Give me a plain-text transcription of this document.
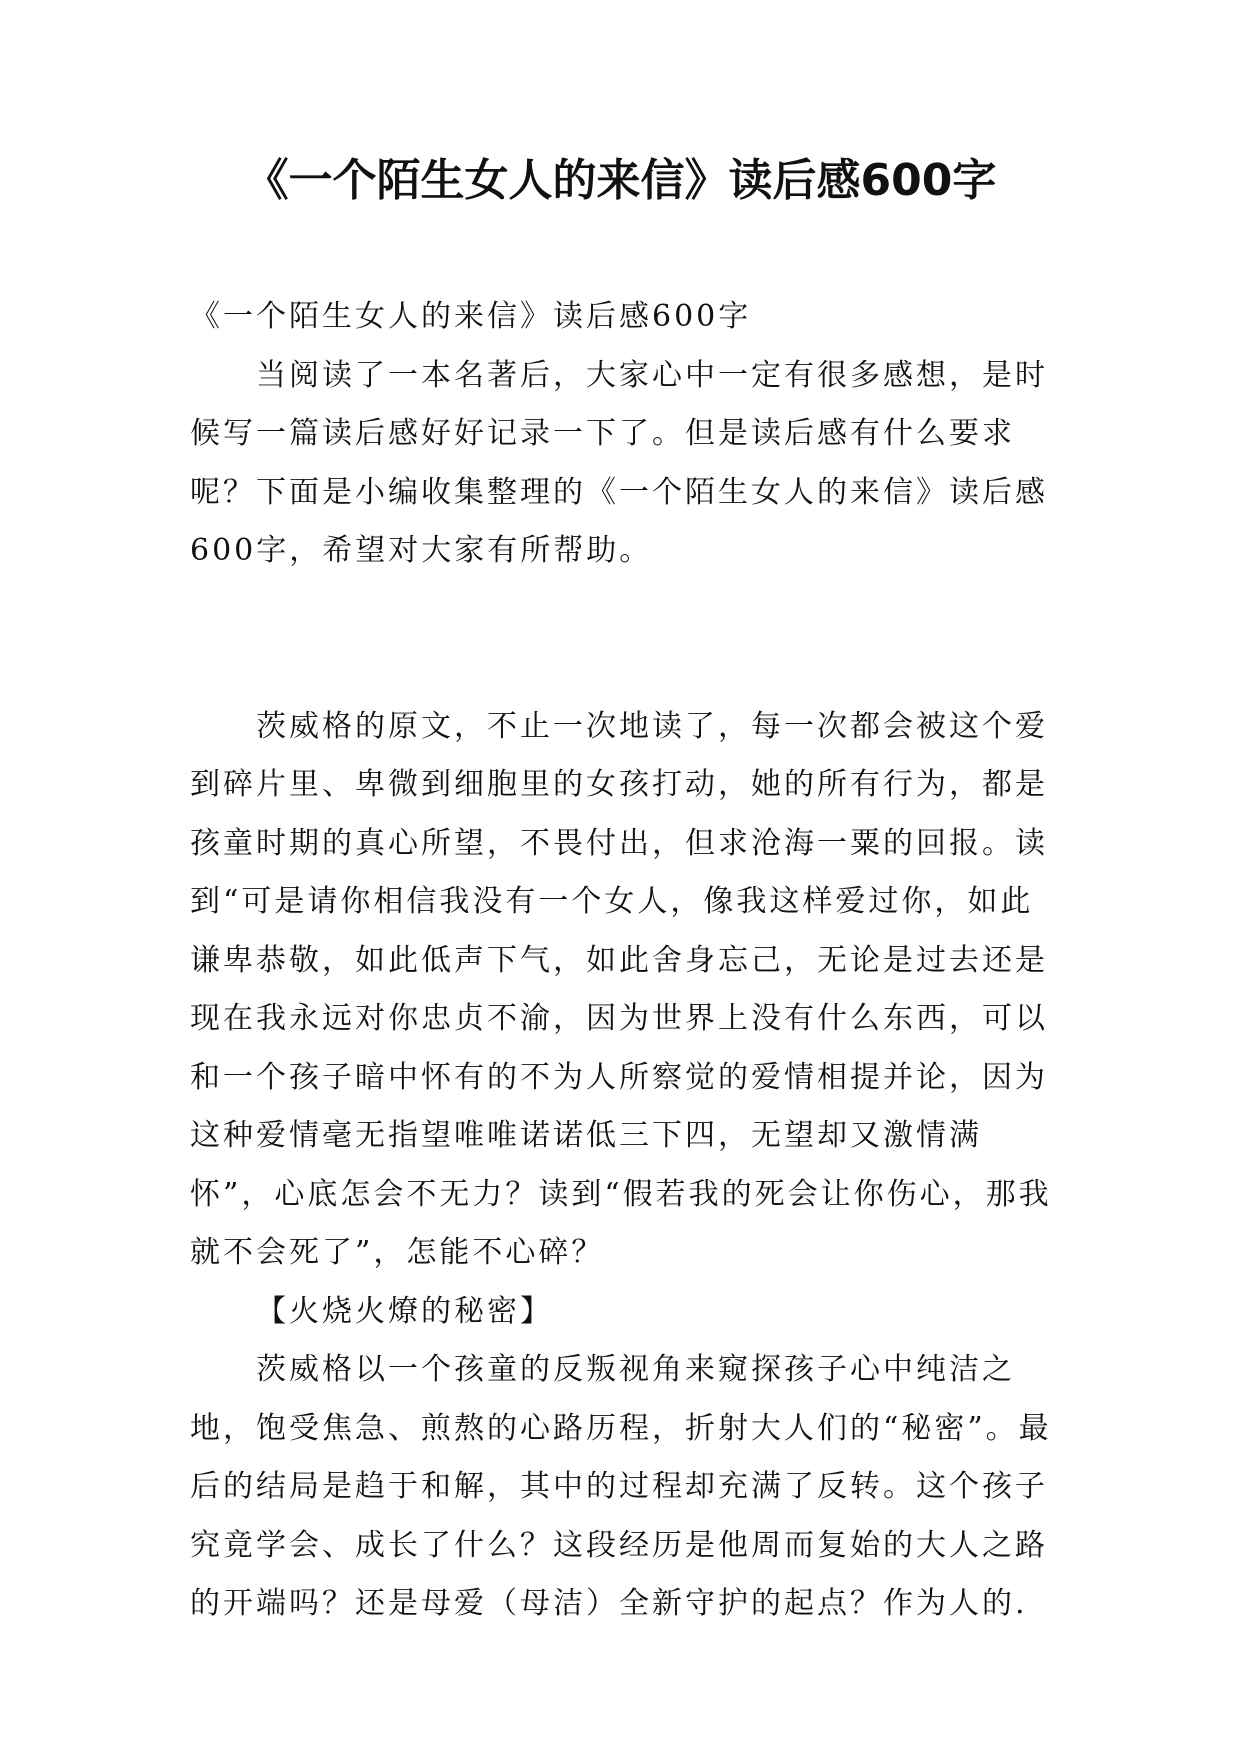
《一个陌生女人的来信》读后感600字

《一个陌生女人的来信》读后感600字

当阅读了一本名著后，大家心中一定有很多感想，是时候写一篇读后感好好记录一下了。但是读后感有什么要求呢？下面是小编收集整理的《一个陌生女人的来信》读后感600字，希望对大家有所帮助。

茨威格的原文，不止一次地读了，每一次都会被这个爱到碎片里、卑微到细胞里的女孩打动，她的所有行为，都是孩童时期的真心所望，不畏付出，但求沧海一粟的回报。读到“可是请你相信我没有一个女人，像我这样爱过你，如此谦卑恭敬，如此低声下气，如此舍身忘己，无论是过去还是现在我永远对你忠贞不渝，因为世界上没有什么东西，可以和一个孩子暗中怀有的不为人所察觉的爱情相提并论，因为这种爱情毫无指望唯唯诺诺低三下四，无望却又激情满怀”，心底怎会不无力？读到“假若我的死会让你伤心，那我就不会死了”，怎能不心碎？

【火烧火燎的秘密】

茨威格以一个孩童的反叛视角来窥探孩子心中纯洁之地，饱受焦急、煎熬的心路历程，折射大人们的“秘密”。最后的结局是趋于和解，其中的过程却充满了反转。这个孩子究竟学会、成长了什么？这段经历是他周而复始的大人之路的开端吗？还是母爱（母洁）全新守护的起点？作为人的.
